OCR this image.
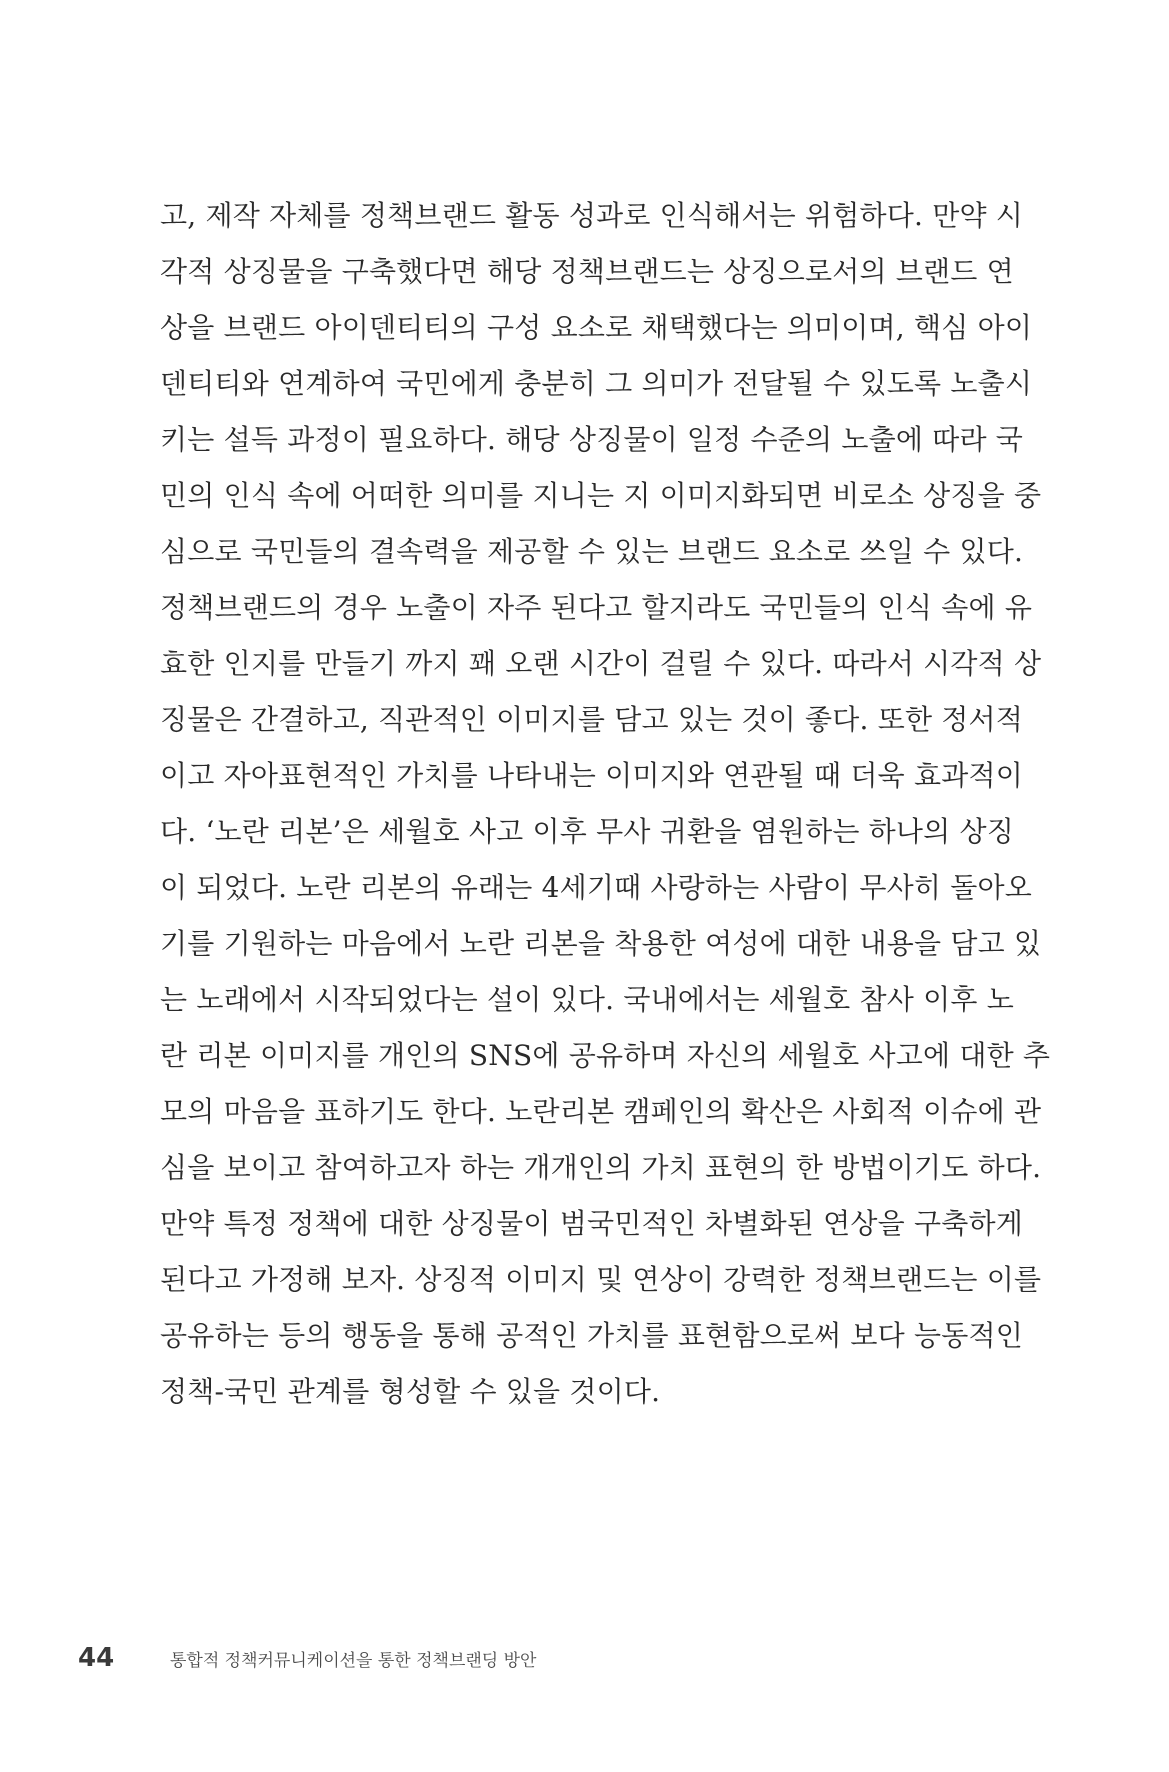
고, 제작 자체를 정책브랜드 활동 성과로 인식해서는 위험하다. 만약 시
각적 상징물을 구축했다면 해당 정책브랜드는 상징으로서의 브랜드 연
상을 브랜드 아이덴티티의 구성 요소로 채택했다는 의미이며, 핵심 아이
덴티티와 연계하여 국민에게 충분히 그 의미가 전달될 수 있도록 노출시
키는 설득 과정이 필요하다. 해당 상징물이 일정 수준의 노출에 따라 국
민의 인식 속에 어떠한 의미를 지니는 지 이미지화되면 비로소 상징을 중
심으로 국민들의 결속력을 제공할 수 있는 브랜드 요소로 쓰일 수 있다.
정책브랜드의 경우 노출이 자주 된다고 할지라도 국민들의 인식 속에 유
효한 인지를 만들기 까지 꽤 오랜 시간이 걸릴 수 있다. 따라서 시각적 상
징물은 간결하고, 직관적인 이미지를 담고 있는 것이 좋다. 또한 정서적
이고 자아표현적인 가치를 나타내는 이미지와 연관될 때 더욱 효과적이
다. ‘노란 리본’은 세월호 사고 이후 무사 귀환을 염원하는 하나의 상징
이 되었다. 노란 리본의 유래는 4세기때 사랑하는 사람이 무사히 돌아오
기를 기원하는 마음에서 노란 리본을 착용한 여성에 대한 내용을 담고 있
는 노래에서 시작되었다는 설이 있다. 국내에서는 세월호 참사 이후 노
란 리본 이미지를 개인의 SNS에 공유하며 자신의 세월호 사고에 대한 추
모의 마음을 표하기도 한다. 노란리본 캠페인의 확산은 사회적 이슈에 관
심을 보이고 참여하고자 하는 개개인의 가치 표현의 한 방법이기도 하다.
만약 특정 정책에 대한 상징물이 범국민적인 차별화된 연상을 구축하게
된다고 가정해 보자. 상징적 이미지 및 연상이 강력한 정책브랜드는 이를
공유하는 등의 행동을 통해 공적인 가치를 표현함으로써 보다 능동적인
정책-국민 관계를 형성할 수 있을 것이다.
44	통합적 정책커뮤니케이션을 통한 정책브랜딩 방안
